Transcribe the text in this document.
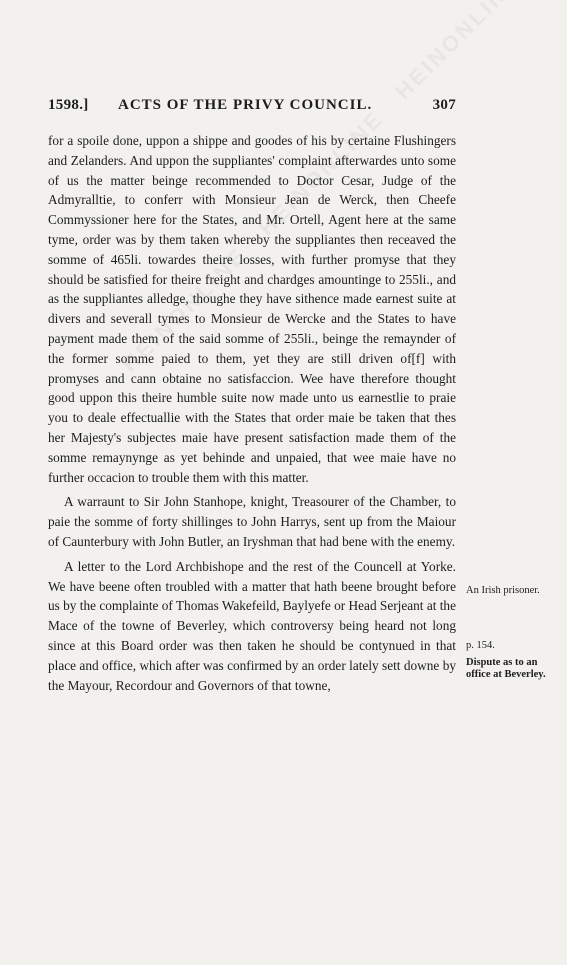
1598.] ACTS OF THE PRIVY COUNCIL.	307

for a spoile done, uppon a shippe and goodes of his by certaine Flushingers and Zelanders. And uppon the suppliantes' complaint afterwardes unto some of us the matter beinge recommended to Doctor Cesar, Judge of the Admyralltie, to conferr with Monsieur Jean de Werck, then Cheefe Commyssioner here for the States, and Mr. Ortell, Agent here at the same tyme, order was by them taken whereby the suppliantes then receaved the somme of 465li. towardes theire losses, with further promyse that they should be satisfied for theire freight and chardges amountinge to 255li., and as the suppliantes alledge, thoughe they have sithence made earnest suite at divers and severall tymes to Monsieur de Wercke and the States to have payment made them of the said somme of 255li., beinge the remaynder of the former somme paied to them, yet they are still driven of[f] with promyses and cann obtaine no satisfaccion. Wee have therefore thought good uppon this theire humble suite now made unto us earnestlie to praie you to deale effectuallie with the States that order maie be taken that thes her Majesty's subjectes maie have present satisfaction made them of the somme remaynynge as yet behinde and unpaied, that wee maie have no further occacion to trouble them with this matter.

A warraunt to Sir John Stanhope, knight, Treasourer of the Chamber, to paie the somme of forty shillinges to John Harrys, sent up from the Maiour of Caunterbury with John Butler, an Iryshman that had bene with the enemy.

A letter to the Lord Archbishope and the rest of the Councell at Yorke. We have beene often troubled with a matter that hath beene brought before us by the complainte of Thomas Wakefeild, Baylyefe or Head Serjeant at the Mace of the towne of Beverley, which controversy being heard not long since at this Board order was then taken he should be contynued in that place and office, which after was confirmed by an order lately sett downe by the Mayour, Recordour and Governors of that towne,

An Irish prisoner.
p. 154.
Dispute as to an office at Beverley.
